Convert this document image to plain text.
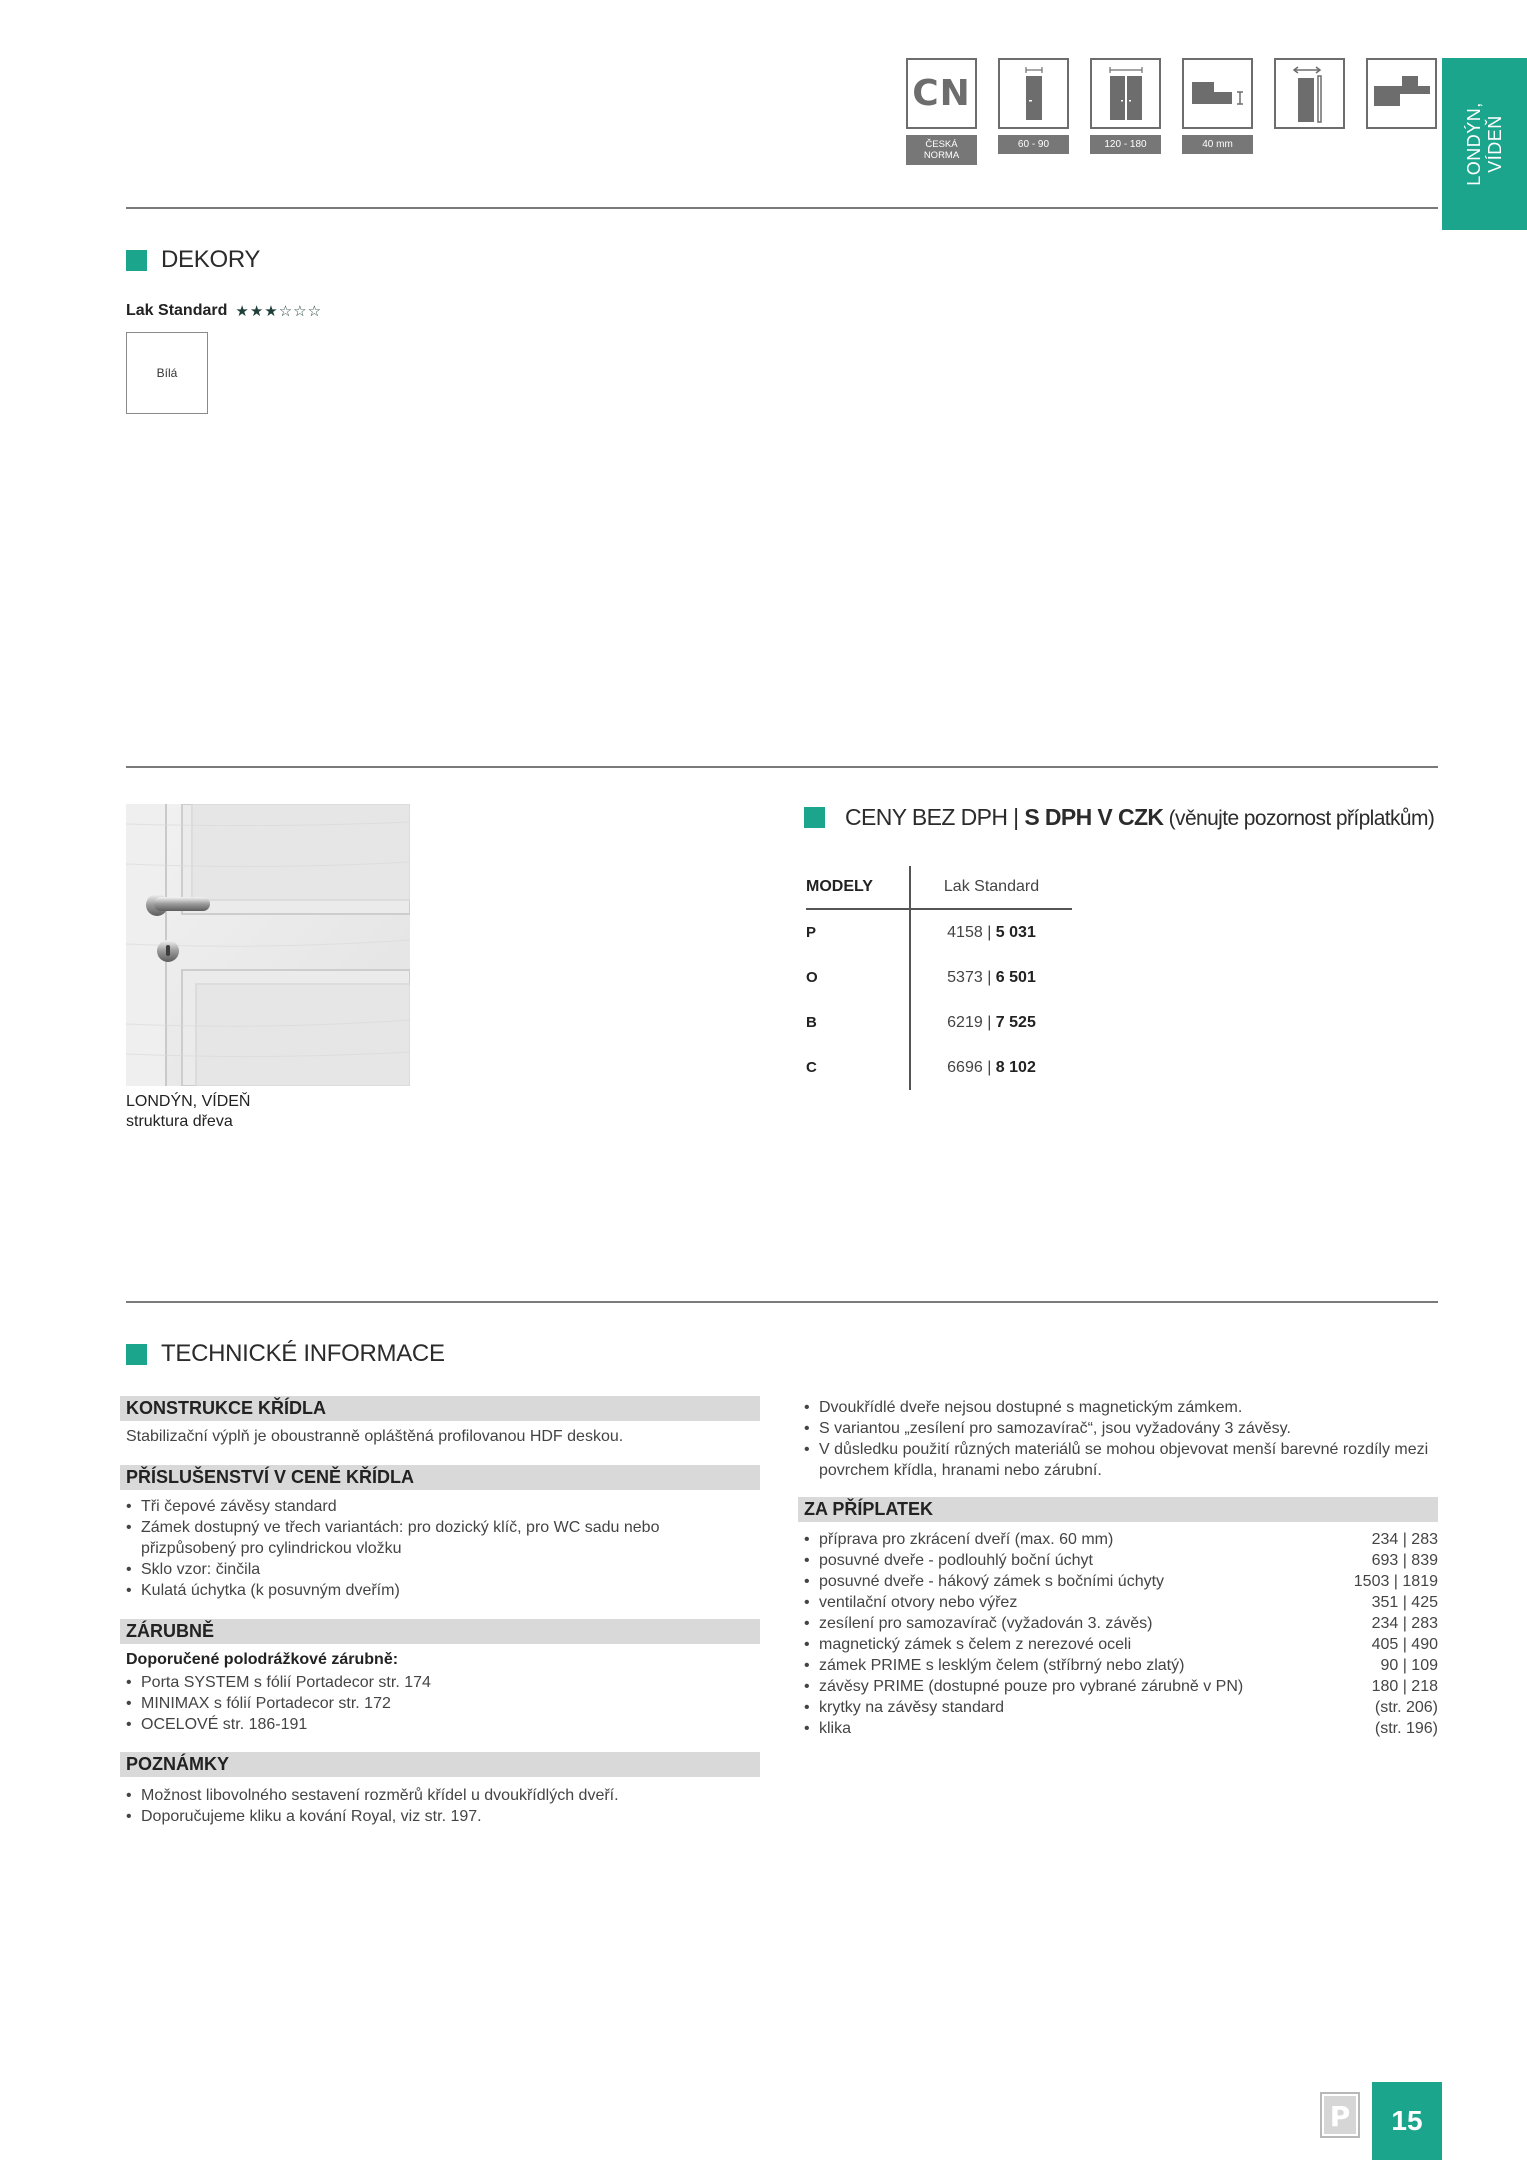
CN
ČESKÁ
NORMA
60 - 90	120 - 180	40 mm	LONDÝN, VÍDEŇ
DEKORY
Lak Standard ★ ★ ★ ☆ ☆ ☆
Bílá
LONDÝN, VÍDEŇ
struktura dřeva
CENY BEZ DPH | S DPH V CZK (věnujte pozornost příplatkům)
MODELY	Lak Standard
P	4158 | 5 031
O	5373 | 6 501
B	6219 | 7 525
C	6696 | 8 102
TECHNICKÉ INFORMACE
KONSTRUKCE KŘÍDLA
Stabilizační výplň je oboustranně opláštěná profilovanou HDF deskou.
PŘÍSLUŠENSTVÍ V CENĚ KŘÍDLA
• Tři čepové závěsy standard
• Zámek dostupný ve třech variantách: pro dozický klíč, pro WC sadu nebo přizpůsobený pro cylindrickou vložku
• Sklo vzor: činčila
• Kulatá úchytka (k posuvným dveřím)
ZÁRUBNĚ
Doporučené polodrážkové zárubně:
• Porta SYSTEM s fólií Portadecor str. 174
• MINIMAX s fólií Portadecor str. 172
• OCELOVÉ str. 186-191
POZNÁMKY
• Možnost libovolného sestavení rozměrů křídel u dvoukřídlých dveří.
• Doporučujeme kliku a kování Royal, viz str. 197.
• Dvoukřídlé dveře nejsou dostupné s magnetickým zámkem.
• S variantou „zesílení pro samozavírač“, jsou vyžadovány 3 závěsy.
• V důsledku použití různých materiálů se mohou objevovat menší barevné rozdíly mezi povrchem křídla, hranami nebo zárubní.
ZA PŘÍPLATEK
• příprava pro zkrácení dveří (max. 60 mm)	234 | 283
• posuvné dveře - podlouhlý boční úchyt	693 | 839
• posuvné dveře - hákový zámek s bočními úchyty	1503 | 1819
• ventilační otvory nebo výřez	351 | 425
• zesílení pro samozavírač (vyžadován 3. závěs)	234 | 283
• magnetický zámek s čelem z nerezové oceli	405 | 490
• zámek PRIME s lesklým čelem (stříbrný nebo zlatý)	90 | 109
• závěsy PRIME (dostupné pouze pro vybrané zárubně v PN)	180 | 218
• krytky na závěsy standard	(str. 206)
• klika	(str. 196)
P	15
